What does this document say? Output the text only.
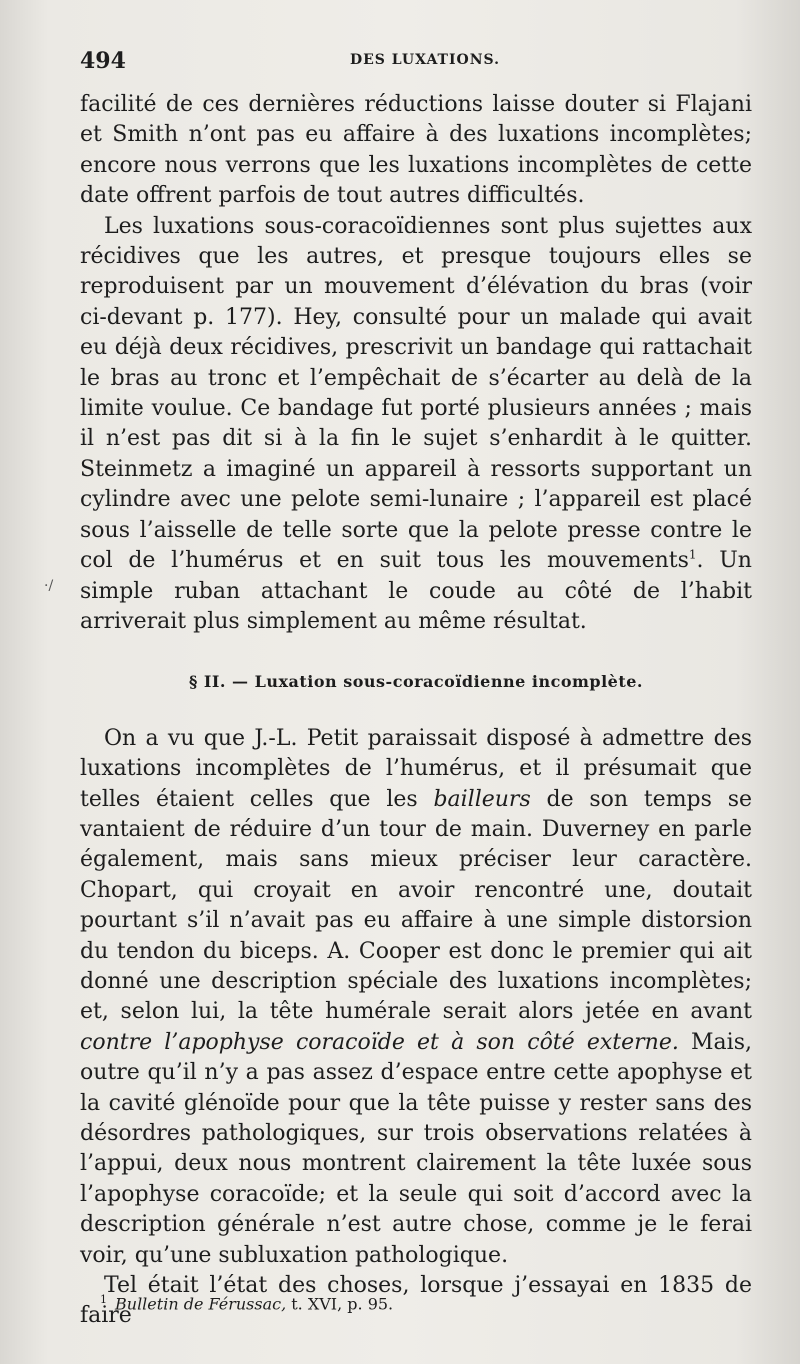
494	DES LUXATIONS.
·/

facilité de ces dernières réductions laisse douter si Flajani et Smith n’ont pas eu affaire à des luxations incomplètes; encore nous verrons que les luxations incomplètes de cette date offrent parfois de tout autres difficultés.

Les luxations sous-coracoïdiennes sont plus sujettes aux récidives que les autres, et presque toujours elles se reproduisent par un mouvement d’élévation du bras (voir ci-devant p. 177). Hey, consulté pour un malade qui avait eu déjà deux récidives, prescrivit un bandage qui rattachait le bras au tronc et l’empêchait de s’écarter au delà de la limite voulue. Ce bandage fut porté plusieurs années ; mais il n’est pas dit si à la fin le sujet s’enhardit à le quitter. Steinmetz a imaginé un appareil à ressorts supportant un cylindre avec une pelote semi-lunaire ; l’appareil est placé sous l’aisselle de telle sorte que la pelote presse contre le col de l’humérus et en suit tous les mouvements$^1$. Un simple ruban attachant le coude au côté de l’habit arriverait plus simplement au même résultat.

§ II. — Luxation sous-coracoïdienne incomplète.

On a vu que J.-L. Petit paraissait disposé à admettre des luxations incomplètes de l’humérus, et il présumait que telles étaient celles que les bailleurs de son temps se vantaient de réduire d’un tour de main. Duverney en parle également, mais sans mieux préciser leur caractère. Chopart, qui croyait en avoir rencontré une, doutait pourtant s’il n’avait pas eu affaire à une simple distorsion du tendon du biceps. A. Cooper est donc le premier qui ait donné une description spéciale des luxations incomplètes; et, selon lui, la tête humérale serait alors jetée en avant contre l’apophyse coracoïde et à son côté externe. Mais, outre qu’il n’y a pas assez d’espace entre cette apophyse et la cavité glénoïde pour que la tête puisse y rester sans des désordres pathologiques, sur trois observations relatées à l’appui, deux nous montrent clairement la tête luxée sous l’apophyse coracoïde; et la seule qui soit d’accord avec la description générale n’est autre chose, comme je le ferai voir, qu’une subluxation pathologique.

Tel était l’état des choses, lorsque j’essayai en 1835 de faire

$^1$ Bulletin de Férussac, t. XVI, p. 95.
